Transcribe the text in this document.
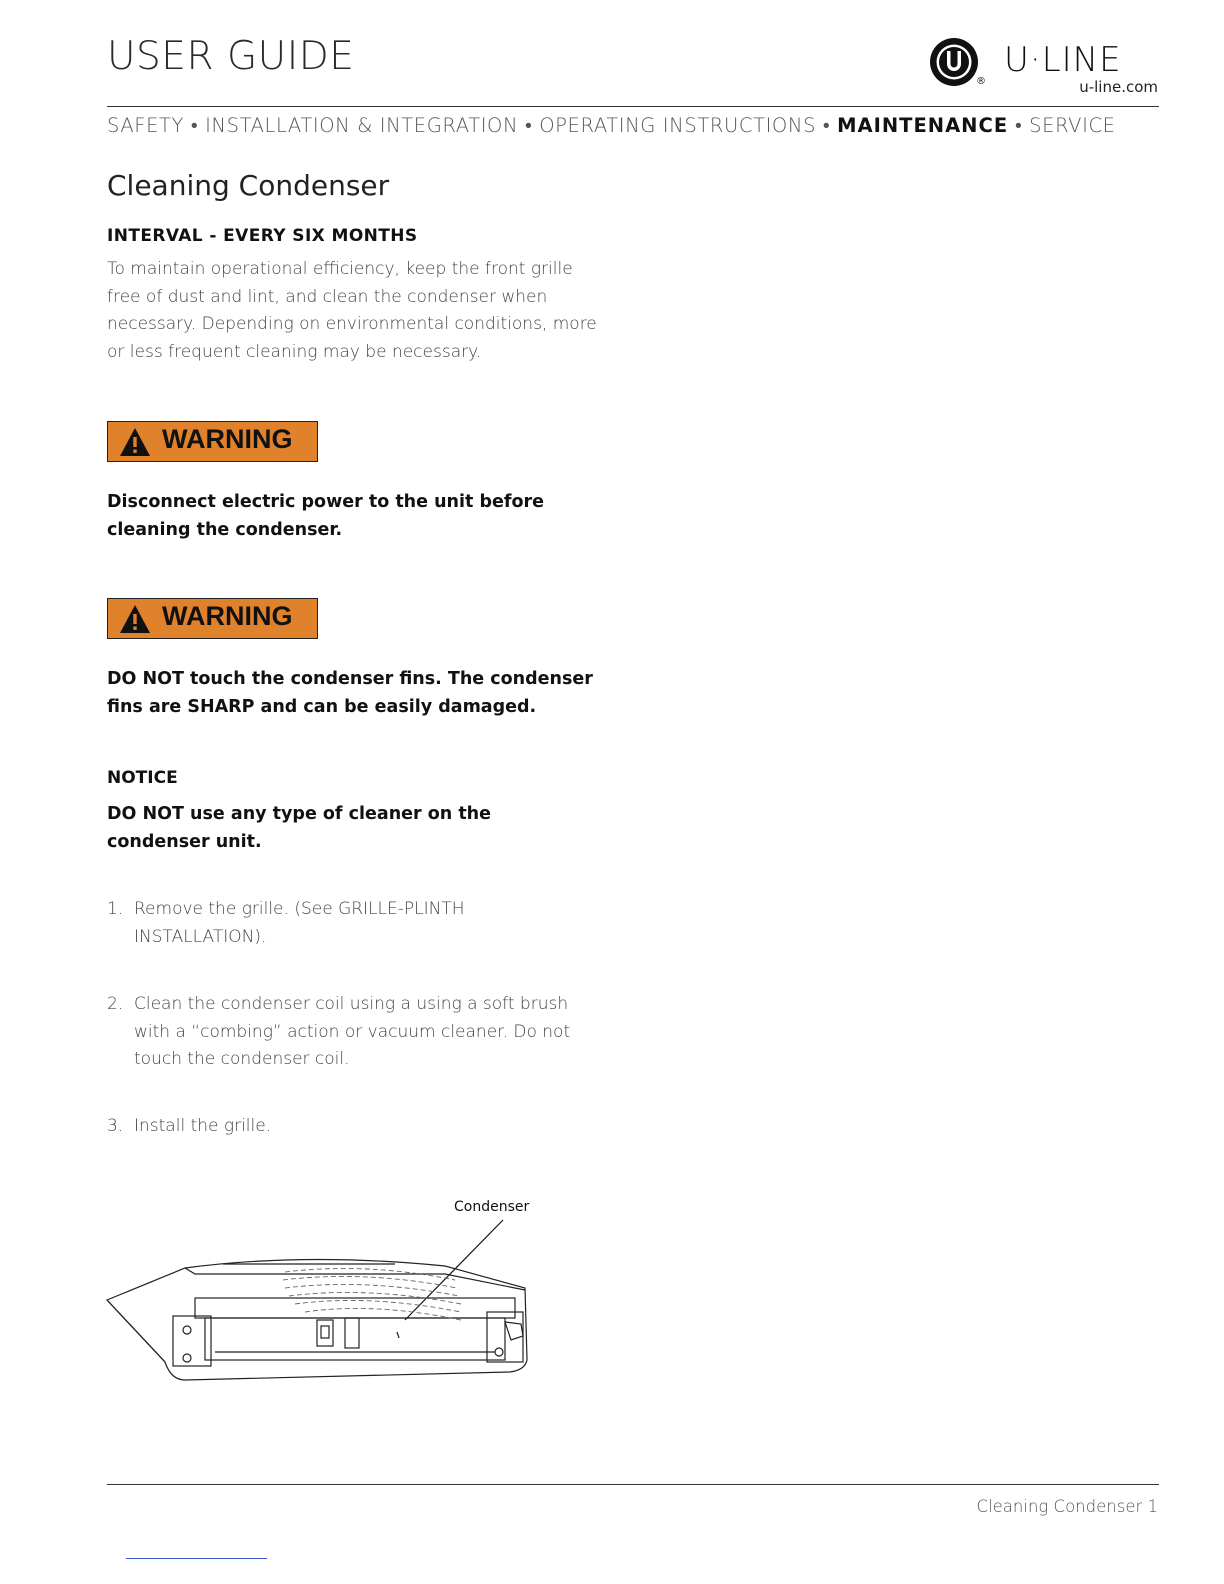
USER GUIDE
®
U·LINE
u-line.com
SAFETY • INSTALLATION & INTEGRATION • OPERATING INSTRUCTIONS • MAINTENANCE • SERVICE
Cleaning Condenser
INTERVAL - EVERY SIX MONTHS
To maintain operational efficiency, keep the front grille
free of dust and lint, and clean the condenser when
necessary. Depending on environmental conditions, more
or less frequent cleaning may be necessary.
WARNING
Disconnect electric power to the unit before
cleaning the condenser.
WARNING
DO NOT touch the condenser fins. The condenser
fins are SHARP and can be easily damaged.
NOTICE
DO NOT use any type of cleaner on the
condenser unit.
1. Remove the grille. (See GRILLE-PLINTH
INSTALLATION).
2. Clean the condenser coil using a using a soft brush
with a “combing” action or vacuum cleaner. Do not
touch the condenser coil.
3. Install the grille.
Condenser
Cleaning Condenser 1
